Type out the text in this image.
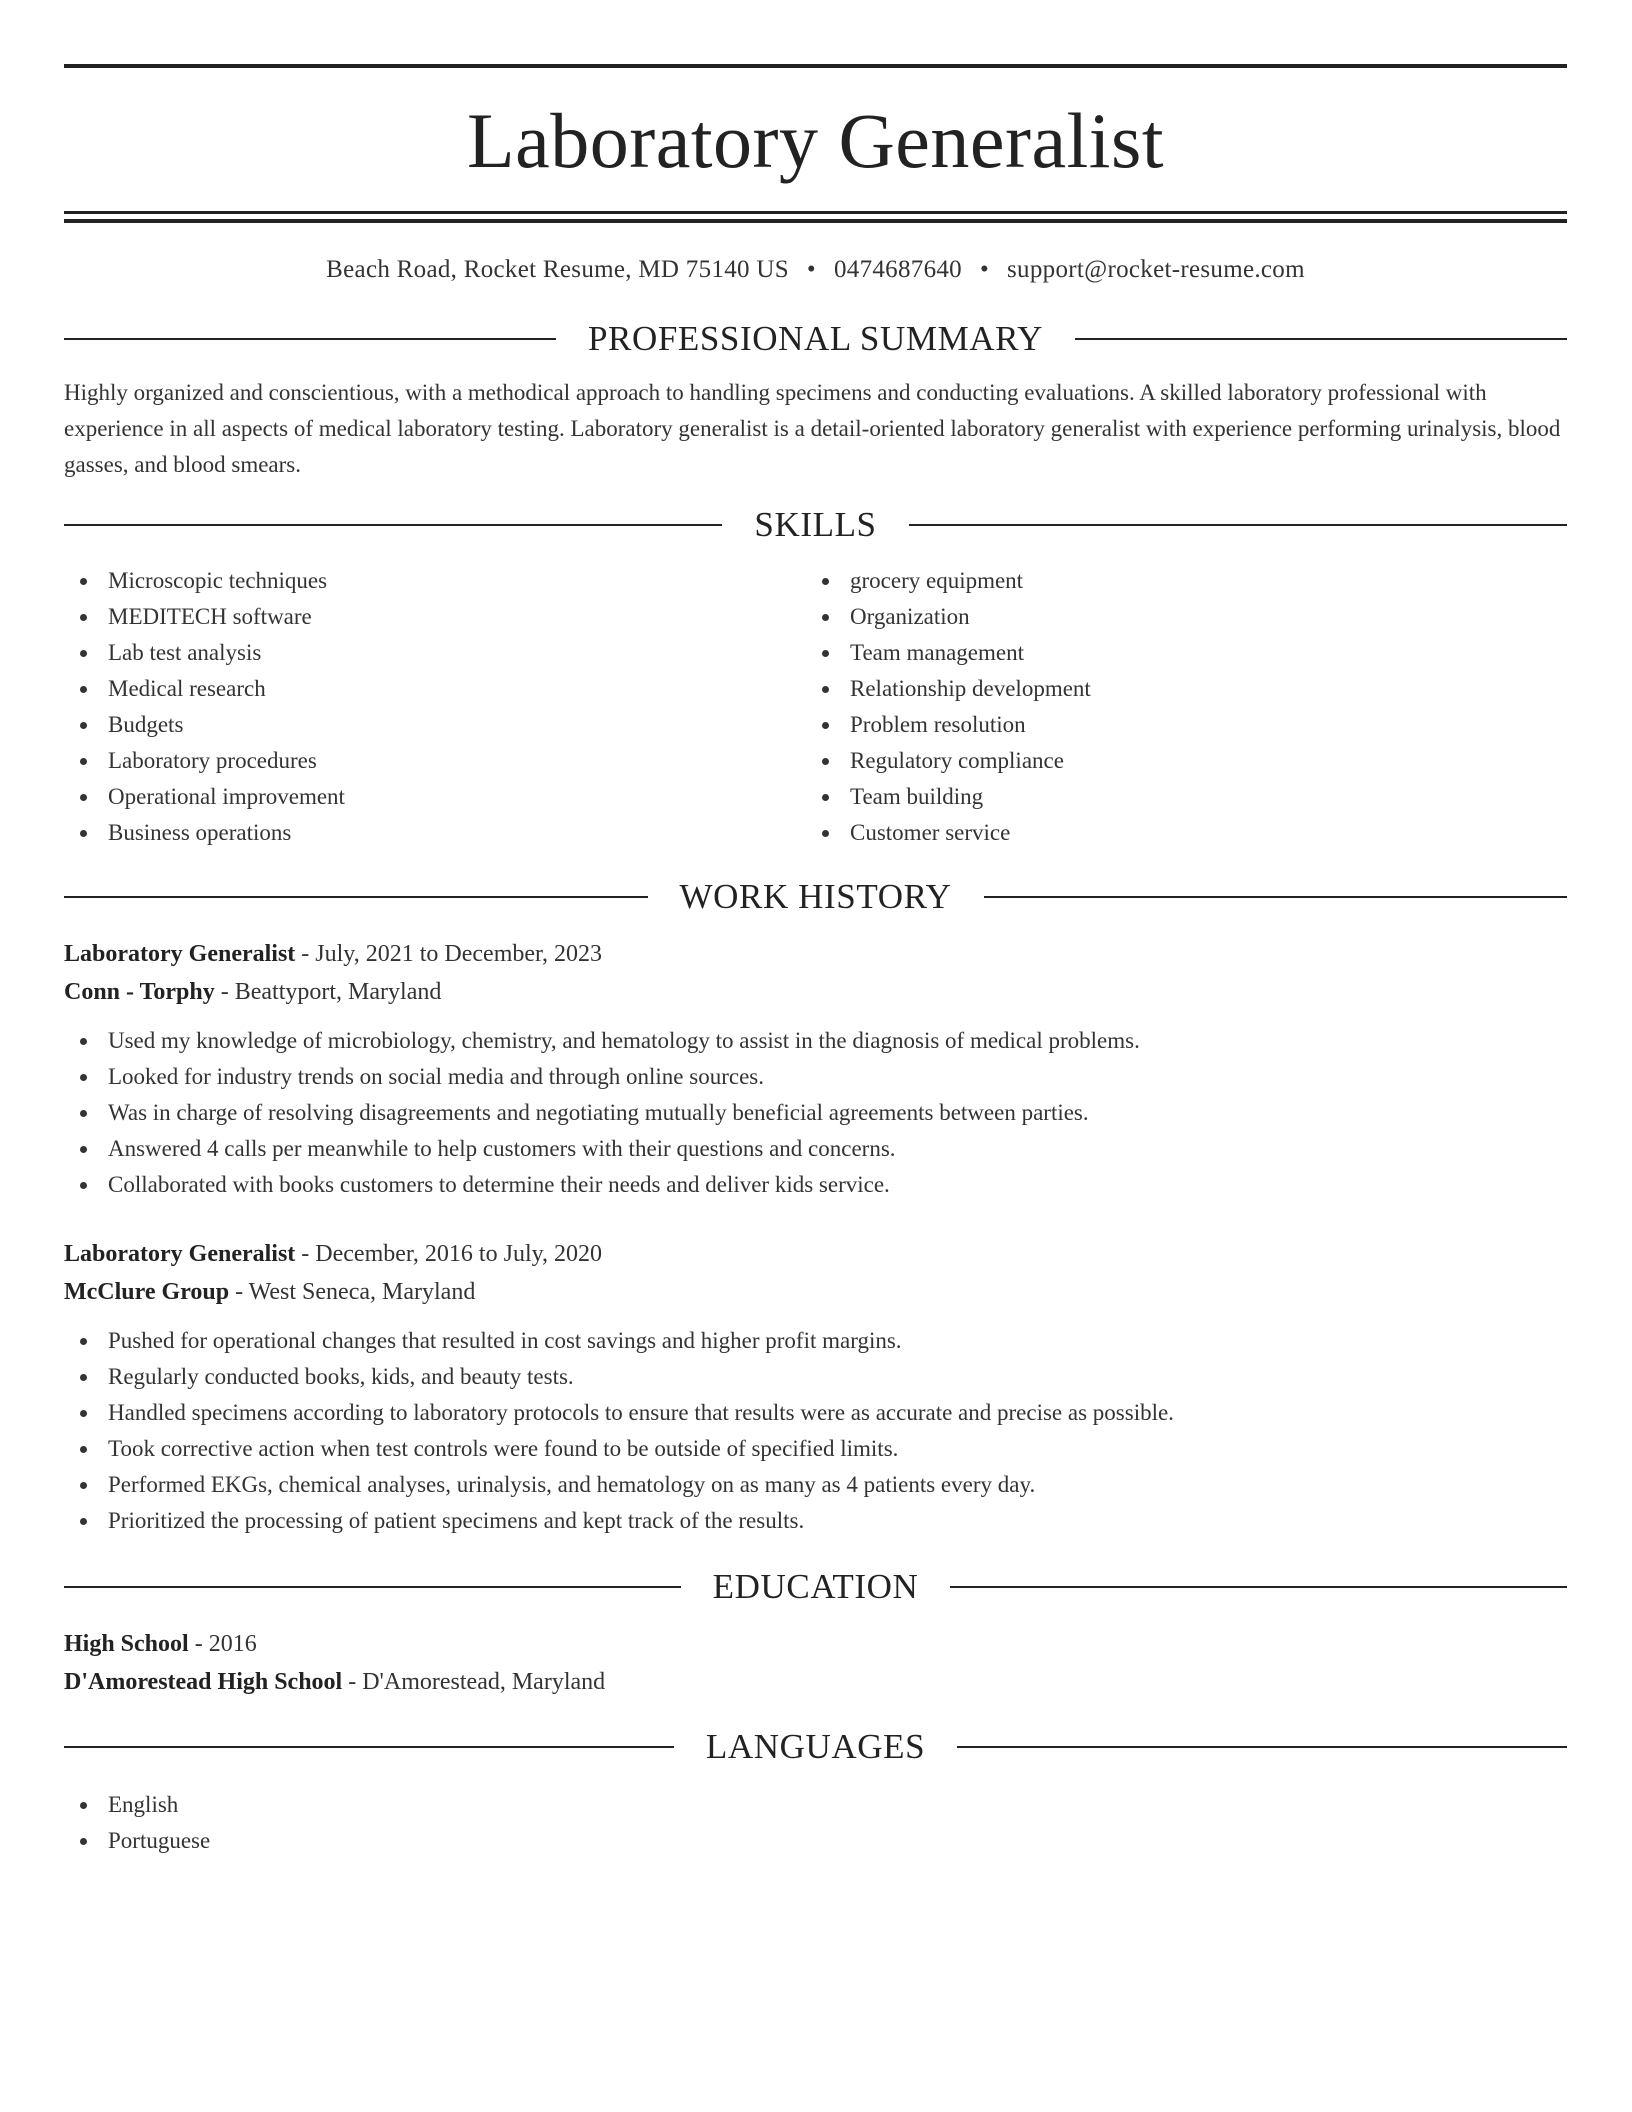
Laboratory Generalist
Beach Road, Rocket Resume, MD 75140 US • 0474687640 • support@rocket-resume.com
PROFESSIONAL SUMMARY
Highly organized and conscientious, with a methodical approach to handling specimens and conducting evaluations. A skilled laboratory professional with experience in all aspects of medical laboratory testing. Laboratory generalist is a detail-oriented laboratory generalist with experience performing urinalysis, blood gasses, and blood smears.
SKILLS
Microscopic techniques
MEDITECH software
Lab test analysis
Medical research
Budgets
Laboratory procedures
Operational improvement
Business operations
grocery equipment
Organization
Team management
Relationship development
Problem resolution
Regulatory compliance
Team building
Customer service
WORK HISTORY
Laboratory Generalist - July, 2021 to December, 2023
Conn - Torphy - Beattyport, Maryland
Used my knowledge of microbiology, chemistry, and hematology to assist in the diagnosis of medical problems.
Looked for industry trends on social media and through online sources.
Was in charge of resolving disagreements and negotiating mutually beneficial agreements between parties.
Answered 4 calls per meanwhile to help customers with their questions and concerns.
Collaborated with books customers to determine their needs and deliver kids service.
Laboratory Generalist - December, 2016 to July, 2020
McClure Group - West Seneca, Maryland
Pushed for operational changes that resulted in cost savings and higher profit margins.
Regularly conducted books, kids, and beauty tests.
Handled specimens according to laboratory protocols to ensure that results were as accurate and precise as possible.
Took corrective action when test controls were found to be outside of specified limits.
Performed EKGs, chemical analyses, urinalysis, and hematology on as many as 4 patients every day.
Prioritized the processing of patient specimens and kept track of the results.
EDUCATION
High School - 2016
D'Amorestead High School - D'Amorestead, Maryland
LANGUAGES
English
Portuguese
